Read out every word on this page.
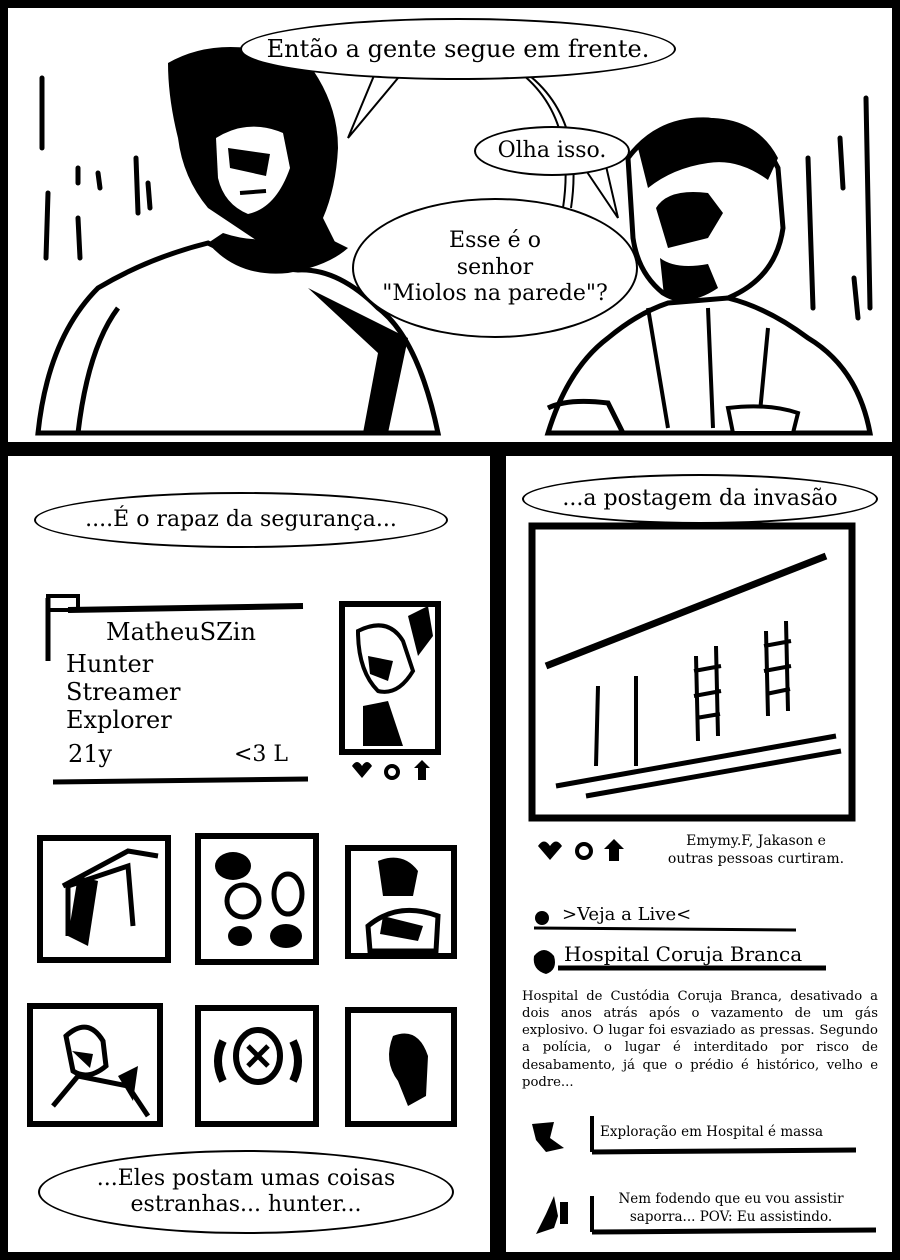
Então a gente segue em frente.
Olha isso.
Esse é o
senhor
"Miolos na parede"?
....É o rapaz da segurança...
MatheuSZin
Hunter
Streamer
Explorer
21y	<3 L
...Eles postam umas coisas
estranhas... hunter...
...a postagem da invasão
Emymy.F, Jakason e
outras pessoas curtiram.
>Veja a Live<
Hospital Coruja Branca
Hospital de Custódia Coruja Branca, desativado a dois anos atrás após o vazamento de um gás explosivo. O lugar foi esvaziado as pressas. Segundo a polícia, o lugar é interditado por risco de desabamento, já que o prédio é histórico, velho e podre...
Exploração em Hospital é massa
Nem fodendo que eu vou assistir saporra... POV: Eu assistindo.
